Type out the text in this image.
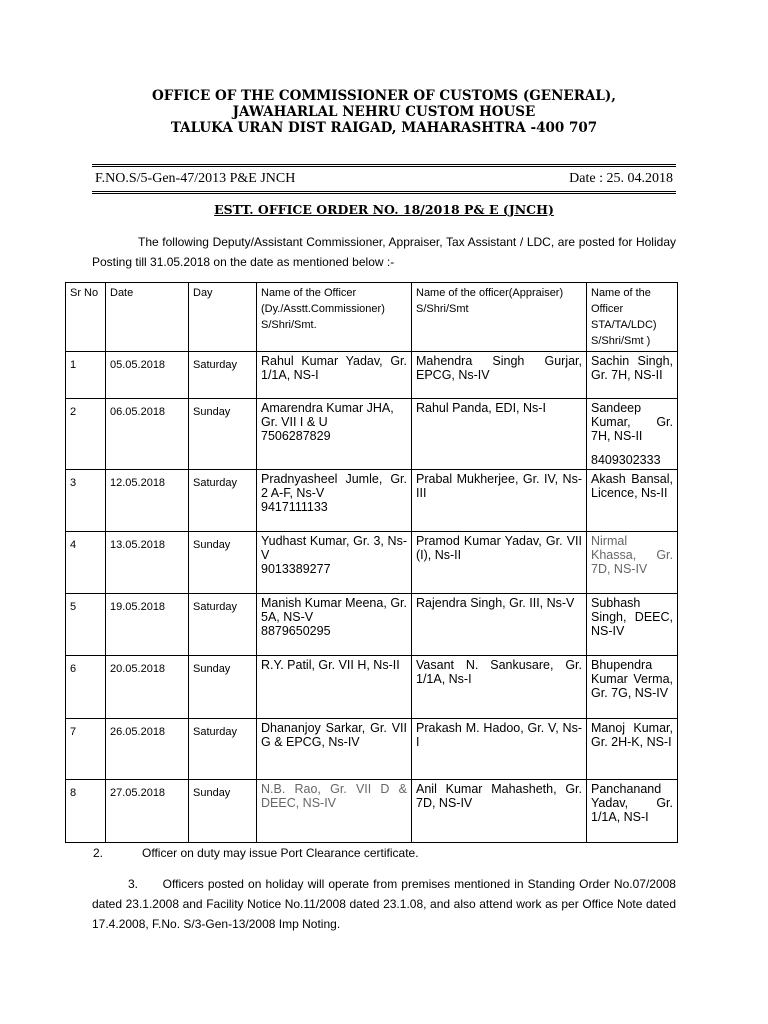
OFFICE OF THE COMMISSIONER OF CUSTOMS (GENERAL),
JAWAHARLAL NEHRU CUSTOM HOUSE
TALUKA URAN DIST RAIGAD, MAHARASHTRA -400 707
F.NO.S/5-Gen-47/2013 P&E JNCH	Date : 25. 04.2018
ESTT. OFFICE ORDER NO. 18/2018 P& E (JNCH)
The following Deputy/Assistant Commissioner, Appraiser, Tax Assistant / LDC, are posted for Holiday Posting till 31.05.2018 on the date as mentioned below :-
Sr No	Date	Day	Name of the Officer (Dy./Asstt.Commissioner) S/Shri/Smt.	Name of the officer(Appraiser) S/Shri/Smt	Name of the Officer STA/TA/LDC) S/Shri/Smt )
1	05.05.2018	Saturday	Rahul Kumar Yadav, Gr. 1/1A, NS-I	Mahendra Singh Gurjar, EPCG, Ns-IV	Sachin Singh, Gr. 7H, NS-II
2	06.05.2018	Sunday	Amarendra Kumar JHA, Gr. VII I & U
7506287829	Rahul Panda, EDI, Ns-I	Sandeep Kumar, Gr. 7H, NS-II
8409302333

3	12.05.2018	Saturday	Pradnyasheel Jumle, Gr. 2 A-F, Ns-V
9417111133	Prabal Mukherjee, Gr. IV, Ns-III	Akash Bansal, Licence, Ns-II
4	13.05.2018	Sunday	Yudhast Kumar, Gr. 3, Ns-V
9013389277	Pramod Kumar Yadav, Gr. VII (I), Ns-II	Nirmal Khassa, Gr. 7D, NS-IV
5	19.05.2018	Saturday	Manish Kumar Meena, Gr. 5A, NS-V
8879650295	Rajendra Singh, Gr. III, Ns-V	Subhash Singh, DEEC, NS-IV
6	20.05.2018	Sunday	R.Y. Patil, Gr. VII H, Ns-II	Vasant N. Sankusare, Gr. 1/1A, Ns-I	Bhupendra Kumar Verma, Gr. 7G, NS-IV
7	26.05.2018	Saturday	Dhananjoy Sarkar, Gr. VII G & EPCG, Ns-IV	Prakash M. Hadoo, Gr. V, Ns-I	Manoj Kumar, Gr. 2H-K, NS-I
8	27.05.2018	Sunday	N.B. Rao, Gr. VII D & DEEC, NS-IV	Anil Kumar Mahasheth, Gr. 7D, NS-IV	Panchanand Yadav, Gr. 1/1A, NS-I
2.	Officer on duty may issue Port Clearance certificate.
3. Officers posted on holiday will operate from premises mentioned in Standing Order No.07/2008 dated 23.1.2008 and Facility Notice No.11/2008 dated 23.1.08, and also attend work as per Office Note dated 17.4.2008, F.No. S/3-Gen-13/2008 Imp Noting.
